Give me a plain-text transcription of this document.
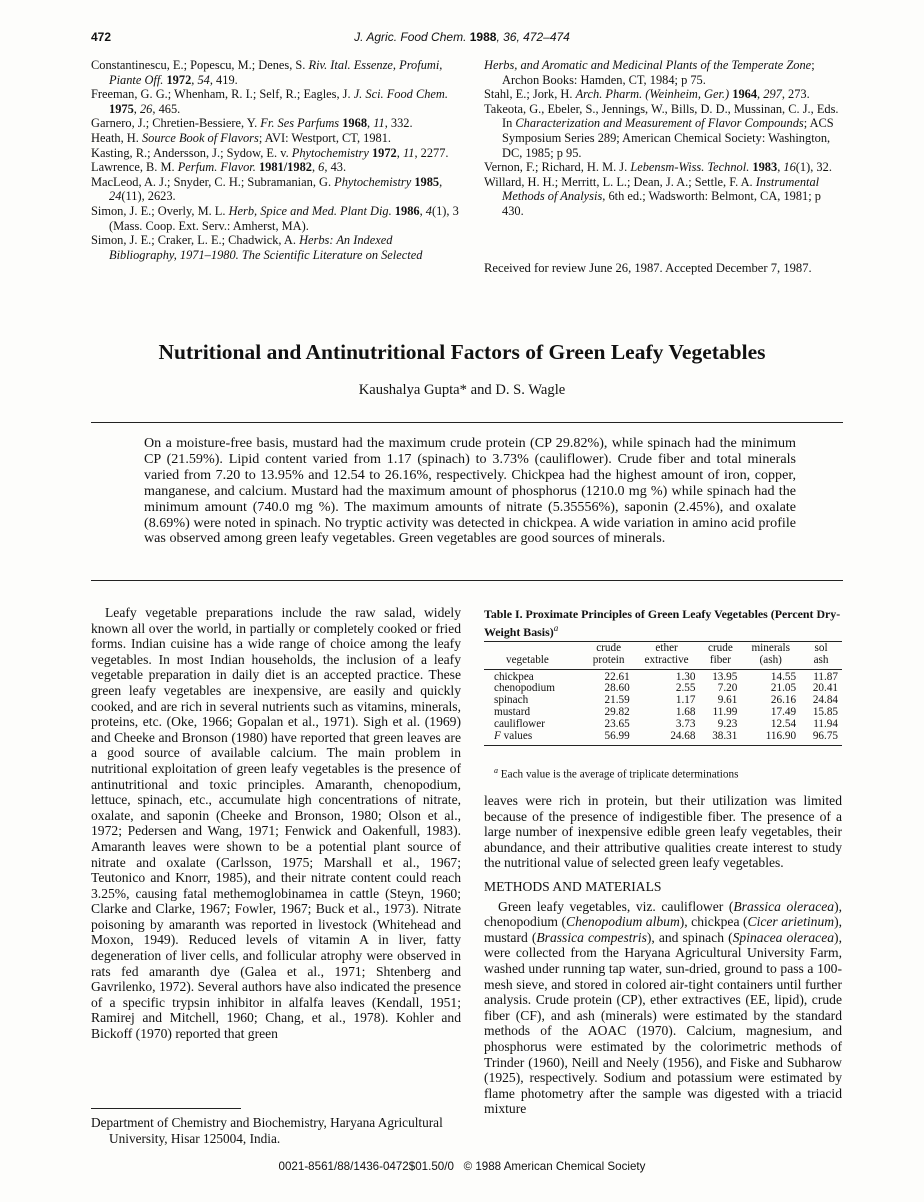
472	J. Agric. Food Chem. 1988, 36, 472–474

Constantinescu, E.; Popescu, M.; Denes, S. Riv. Ital. Essenze, Profumi, Piante Off. 1972, 54, 419.

Freeman, G. G.; Whenham, R. I.; Self, R.; Eagles, J. J. Sci. Food Chem. 1975, 26, 465.

Garnero, J.; Chretien-Bessiere, Y. Fr. Ses Parfums 1968, 11, 332.

Heath, H. Source Book of Flavors; AVI: Westport, CT, 1981.

Kasting, R.; Andersson, J.; Sydow, E. v. Phytochemistry 1972, 11, 2277.

Lawrence, B. M. Perfum. Flavor. 1981/1982, 6, 43.

MacLeod, A. J.; Snyder, C. H.; Subramanian, G. Phytochemistry 1985, 24(11), 2623.

Simon, J. E.; Overly, M. L. Herb, Spice and Med. Plant Dig. 1986, 4(1), 3 (Mass. Coop. Ext. Serv.: Amherst, MA).

Simon, J. E.; Craker, L. E.; Chadwick, A. Herbs: An Indexed Bibliography, 1971–1980. The Scientific Literature on Selected

Herbs, and Aromatic and Medicinal Plants of the Temperate Zone; Archon Books: Hamden, CT, 1984; p 75.

Stahl, E.; Jork, H. Arch. Pharm. (Weinheim, Ger.) 1964, 297, 273.

Takeota, G., Ebeler, S., Jennings, W., Bills, D. D., Mussinan, C. J., Eds. In Characterization and Measurement of Flavor Compounds; ACS Symposium Series 289; American Chemical Society: Washington, DC, 1985; p 95.

Vernon, F.; Richard, H. M. J. Lebensm-Wiss. Technol. 1983, 16(1), 32.

Willard, H. H.; Merritt, L. L.; Dean, J. A.; Settle, F. A. Instrumental Methods of Analysis, 6th ed.; Wadsworth: Belmont, CA, 1981; p 430.

Received for review June 26, 1987. Accepted December 7, 1987.
Nutritional and Antinutritional Factors of Green Leafy Vegetables
Kaushalya Gupta* and D. S. Wagle
On a moisture-free basis, mustard had the maximum crude protein (CP 29.82%), while spinach had the minimum CP (21.59%). Lipid content varied from 1.17 (spinach) to 3.73% (cauliflower). Crude fiber and total minerals varied from 7.20 to 13.95% and 12.54 to 26.16%, respectively. Chickpea had the highest amount of iron, copper, manganese, and calcium. Mustard had the maximum amount of phosphorus (1210.0 mg %) while spinach had the minimum amount (740.0 mg %). The maximum amounts of nitrate (5.35556%), saponin (2.45%), and oxalate (8.69%) were noted in spinach. No tryptic activity was detected in chickpea. A wide variation in amino acid profile was observed among green leafy vegetables. Green vegetables are good sources of minerals.

Leafy vegetable preparations include the raw salad, widely known all over the world, in partially or completely cooked or fried forms. Indian cuisine has a wide range of choice among the leafy vegetables. In most Indian households, the inclusion of a leafy vegetable preparation in daily diet is an accepted practice. These green leafy vegetables are inexpensive, are easily and quickly cooked, and are rich in several nutrients such as vitamins, minerals, proteins, etc. (Oke, 1966; Gopalan et al., 1971). Sigh et al. (1969) and Cheeke and Bronson (1980) have reported that green leaves are a good source of available calcium. The main problem in nutritional exploitation of green leafy vegetables is the presence of antinutritional and toxic principles. Amaranth, chenopodium, lettuce, spinach, etc., accumulate high concentrations of nitrate, oxalate, and saponin (Cheeke and Bronson, 1980; Olson et al., 1972; Pedersen and Wang, 1971; Fenwick and Oakenfull, 1983). Amaranth leaves were shown to be a potential plant source of nitrate and oxalate (Carlsson, 1975; Marshall et al., 1967; Teutonico and Knorr, 1985), and their nitrate content could reach 3.25%, causing fatal methemoglobinamea in cattle (Steyn, 1960; Clarke and Clarke, 1967; Fowler, 1967; Buck et al., 1973). Nitrate poisoning by amaranth was reported in livestock (Whitehead and Moxon, 1949). Reduced levels of vitamin A in liver, fatty degeneration of liver cells, and follicular atrophy were observed in rats fed amaranth dye (Galea et al., 1971; Shtenberg and Gavrilenko, 1972). Several authors have also indicated the presence of a specific trypsin inhibitor in alfalfa leaves (Kendall, 1951; Ramirej and Mitchell, 1960; Chang, et al., 1978). Kohler and Bickoff (1970) reported that green

Department of Chemistry and Biochemistry, Haryana Agricultural University, Hisar 125004, India.

Table I. Proximate Principles of Green Leafy Vegetables (Percent Dry-Weight Basis)$^a$
	crude	ether	crude	minerals	sol
vegetable	protein	extractive	fiber	(ash)	ash

chickpea	22.61	1.30	13.95	14.55	11.87
chenopodium	28.60	2.55	7.20	21.05	20.41
spinach	21.59	1.17	9.61	26.16	24.84
mustard	29.82	1.68	11.99	17.49	15.85
cauliflower	23.65	3.73	9.23	12.54	11.94
F values	56.99	24.68	38.31	116.90	96.75

$^a$ Each value is the average of triplicate determinations

leaves were rich in protein, but their utilization was limited because of the presence of indigestible fiber. The presence of a large number of inexpensive edible green leafy vegetables, their abundance, and their attributive qualities create interest to study the nutritional value of selected green leafy vegetables.

METHODS AND MATERIALS

Green leafy vegetables, viz. cauliflower (Brassica oleracea), chenopodium (Chenopodium album), chickpea (Cicer arietinum), mustard (Brassica compestris), and spinach (Spinacea oleracea), were collected from the Haryana Agricultural University Farm, washed under running tap water, sun-dried, ground to pass a 100-mesh sieve, and stored in colored air-tight containers until further analysis. Crude protein (CP), ether extractives (EE, lipid), crude fiber (CF), and ash (minerals) were estimated by the standard methods of the AOAC (1970). Calcium, magnesium, and phosphorus were estimated by the colorimetric methods of Trinder (1960), Neill and Neely (1956), and Fiske and Subharow (1925), respectively. Sodium and potassium were estimated by flame photometry after the sample was digested with a triacid mixture

0021-8561/88/1436-0472$01.50/0 © 1988 American Chemical Society
